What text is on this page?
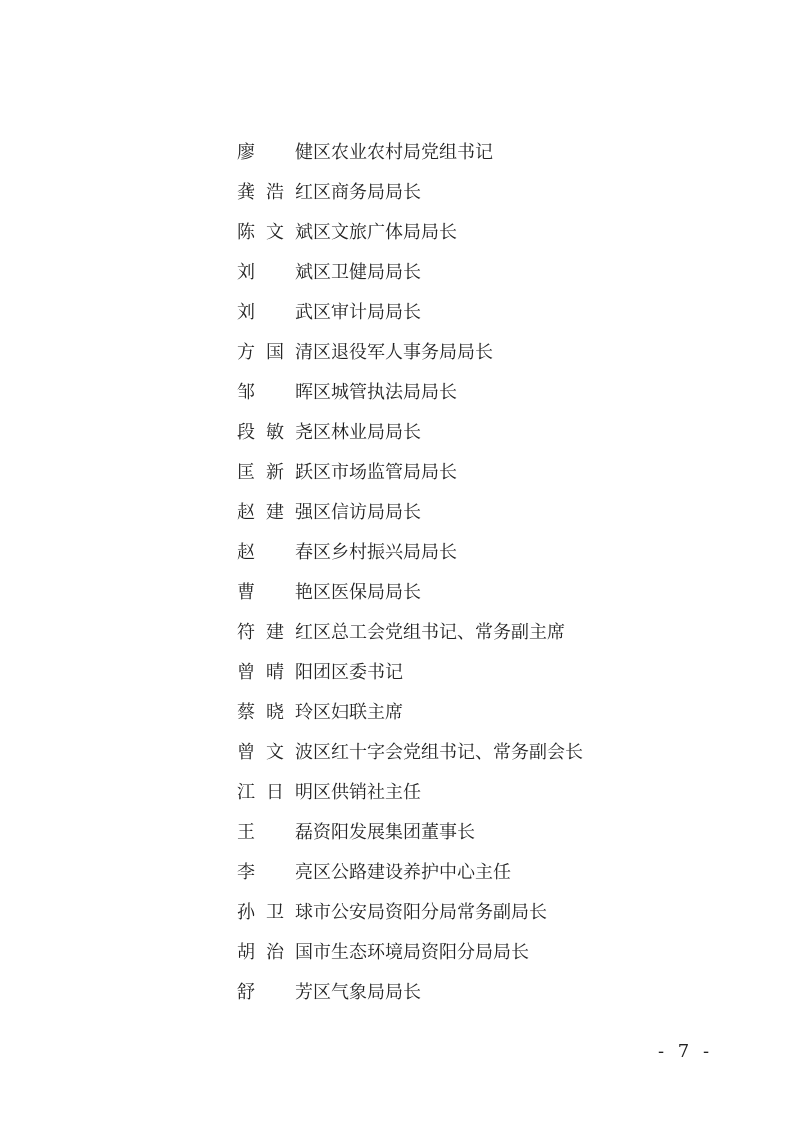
廖　健 区农业农村局党组书记
龚浩红 区商务局局长
陈文斌 区文旅广体局局长
刘　斌 区卫健局局长
刘　武 区审计局局长
方国清 区退役军人事务局局长
邹　晖 区城管执法局局长
段敏尧 区林业局局长
匡新跃 区市场监管局局长
赵建强 区信访局局长
赵　春 区乡村振兴局局长
曹　艳 区医保局局长
符建红 区总工会党组书记、常务副主席
曾晴阳 团区委书记
蔡晓玲 区妇联主席
曾文波 区红十字会党组书记、常务副会长
江日明 区供销社主任
王　磊 资阳发展集团董事长
李　亮 区公路建设养护中心主任
孙卫球 市公安局资阳分局常务副局长
胡治国 市生态环境局资阳分局局长
舒　芳 区气象局局长
- 7 -
